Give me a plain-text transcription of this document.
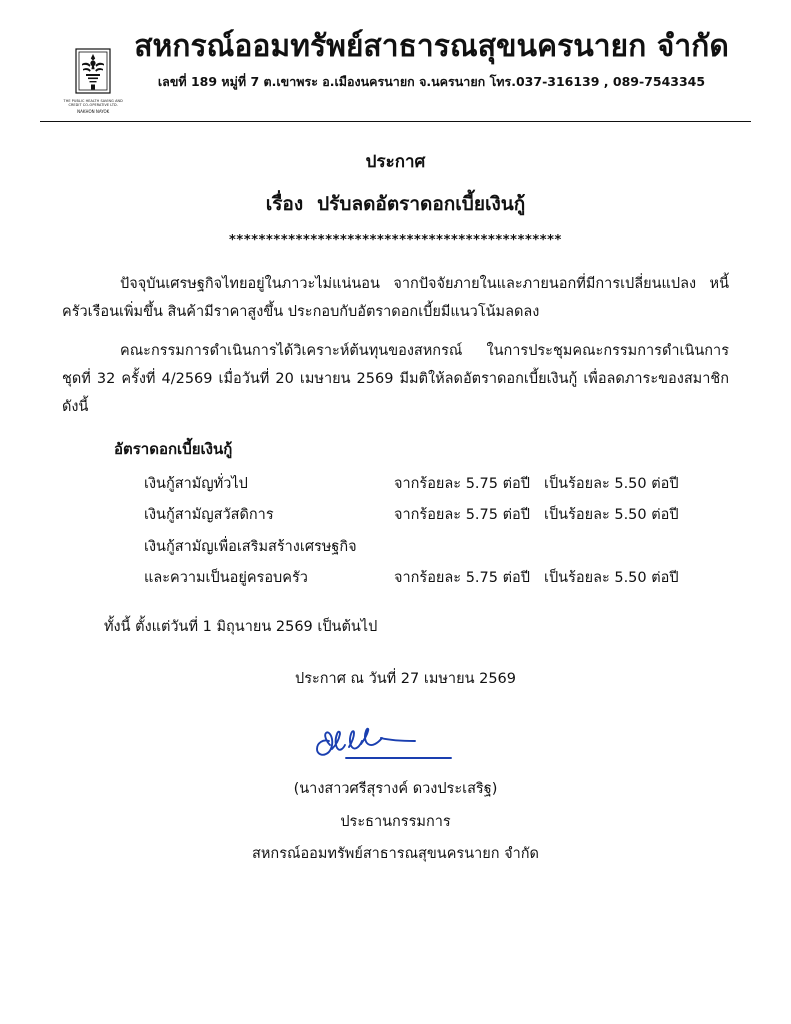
THE PUBLIC HEALTH SAVING AND CREDIT CO-OPERATIVE LTD.
NAKHON NAYOK
สหกรณ์ออมทรัพย์สาธารณสุขนครนายก จำกัด
เลขที่ 189 หมู่ที่ 7 ต.เขาพระ อ.เมืองนครนายก จ.นครนายก โทร.037-316139 , 089-7543345
ประกาศ
เรื่อง ปรับลดอัตราดอกเบี้ยเงินกู้
*********************************************
ปัจจุบันเศรษฐกิจไทยอยู่ในภาวะไม่แน่นอน จากปัจจัยภายในและภายนอกที่มีการเปลี่ยนแปลง หนี้ครัวเรือนเพิ่มขึ้น สินค้ามีราคาสูงขึ้น ประกอบกับอัตราดอกเบี้ยมีแนวโน้มลดลง
คณะกรรมการดำเนินการได้วิเคราะห์ต้นทุนของสหกรณ์ ในการประชุมคณะกรรมการดำเนินการ ชุดที่ 32 ครั้งที่ 4/2569 เมื่อวันที่ 20 เมษายน 2569 มีมติให้ลดอัตราดอกเบี้ยเงินกู้ เพื่อลดภาระของสมาชิก ดังนี้
อัตราดอกเบี้ยเงินกู้
เงินกู้สามัญทั่วไป	จากร้อยละ 5.75 ต่อปี	เป็นร้อยละ 5.50 ต่อปี
เงินกู้สามัญสวัสดิการ	จากร้อยละ 5.75 ต่อปี	เป็นร้อยละ 5.50 ต่อปี
เงินกู้สามัญเพื่อเสริมสร้างเศรษฐกิจ		
และความเป็นอยู่ครอบครัว	จากร้อยละ 5.75 ต่อปี	เป็นร้อยละ 5.50 ต่อปี
ทั้งนี้ ตั้งแต่วันที่ 1 มิถุนายน 2569 เป็นต้นไป
ประกาศ ณ วันที่ 27 เมษายน 2569
(นางสาวศรีสุรางค์ ดวงประเสริฐ)
ประธานกรรมการ
สหกรณ์ออมทรัพย์สาธารณสุขนครนายก จำกัด
